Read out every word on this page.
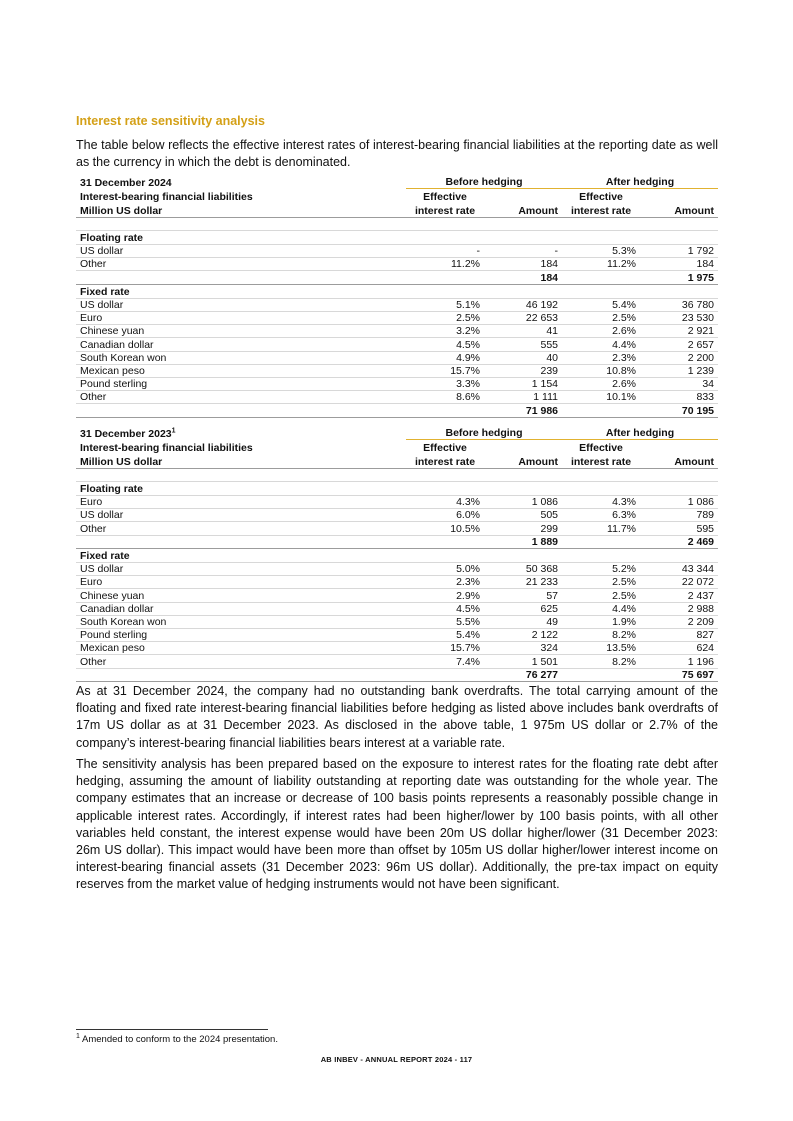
Interest rate sensitivity analysis
The table below reflects the effective interest rates of interest-bearing financial liabilities at the reporting date as well as the currency in which the debt is denominated.
31 December 2024	Before hedging		After hedging	
Interest-bearing financial liabilities	Effective		Effective	
Million US dollar	interest rate	Amount	interest rate	Amount

Floating rate				
US dollar	-	-	5.3%	1 792
Other	11.2%	184	11.2%	184
		184		1 975
Fixed rate				
US dollar	5.1%	46 192	5.4%	36 780
Euro	2.5%	22 653	2.5%	23 530
Chinese yuan	3.2%	41	2.6%	2 921
Canadian dollar	4.5%	555	4.4%	2 657
South Korean won	4.9%	40	2.3%	2 200
Mexican peso	15.7%	239	10.8%	1 239
Pound sterling	3.3%	1 154	2.6%	34
Other	8.6%	1 111	10.1%	833
		71 986		70 195
31 December 2023$^1$	Before hedging		After hedging	
Interest-bearing financial liabilities	Effective		Effective	
Million US dollar	interest rate	Amount	interest rate	Amount

Floating rate				
Euro	4.3%	1 086	4.3%	1 086
US dollar	6.0%	505	6.3%	789
Other	10.5%	299	11.7%	595
		1 889		2 469
Fixed rate				
US dollar	5.0%	50 368	5.2%	43 344
Euro	2.3%	21 233	2.5%	22 072
Chinese yuan	2.9%	57	2.5%	2 437
Canadian dollar	4.5%	625	4.4%	2 988
South Korean won	5.5%	49	1.9%	2 209
Pound sterling	5.4%	2 122	8.2%	827
Mexican peso	15.7%	324	13.5%	624
Other	7.4%	1 501	8.2%	1 196
		76 277		75 697

As at 31 December 2024, the company had no outstanding bank overdrafts. The total carrying amount of the floating and fixed rate interest-bearing financial liabilities before hedging as listed above includes bank overdrafts of 17m US dollar as at 31 December 2023. As disclosed in the above table, 1 975m US dollar or 2.7% of the company’s interest-bearing financial liabilities bears interest at a variable rate.

The sensitivity analysis has been prepared based on the exposure to interest rates for the floating rate debt after hedging, assuming the amount of liability outstanding at reporting date was outstanding for the whole year. The company estimates that an increase or decrease of 100 basis points represents a reasonably possible change in applicable interest rates. Accordingly, if interest rates had been higher/lower by 100 basis points, with all other variables held constant, the interest expense would have been 20m US dollar higher/lower (31 December 2023: 26m US dollar). This impact would have been more than offset by 105m US dollar higher/lower interest income on interest-bearing financial assets (31 December 2023: 96m US dollar). Additionally, the pre-tax impact on equity reserves from the market value of hedging instruments would not have been significant.

$^1$ Amended to conform to the 2024 presentation.
AB INBEV - ANNUAL REPORT 2024 - 117
